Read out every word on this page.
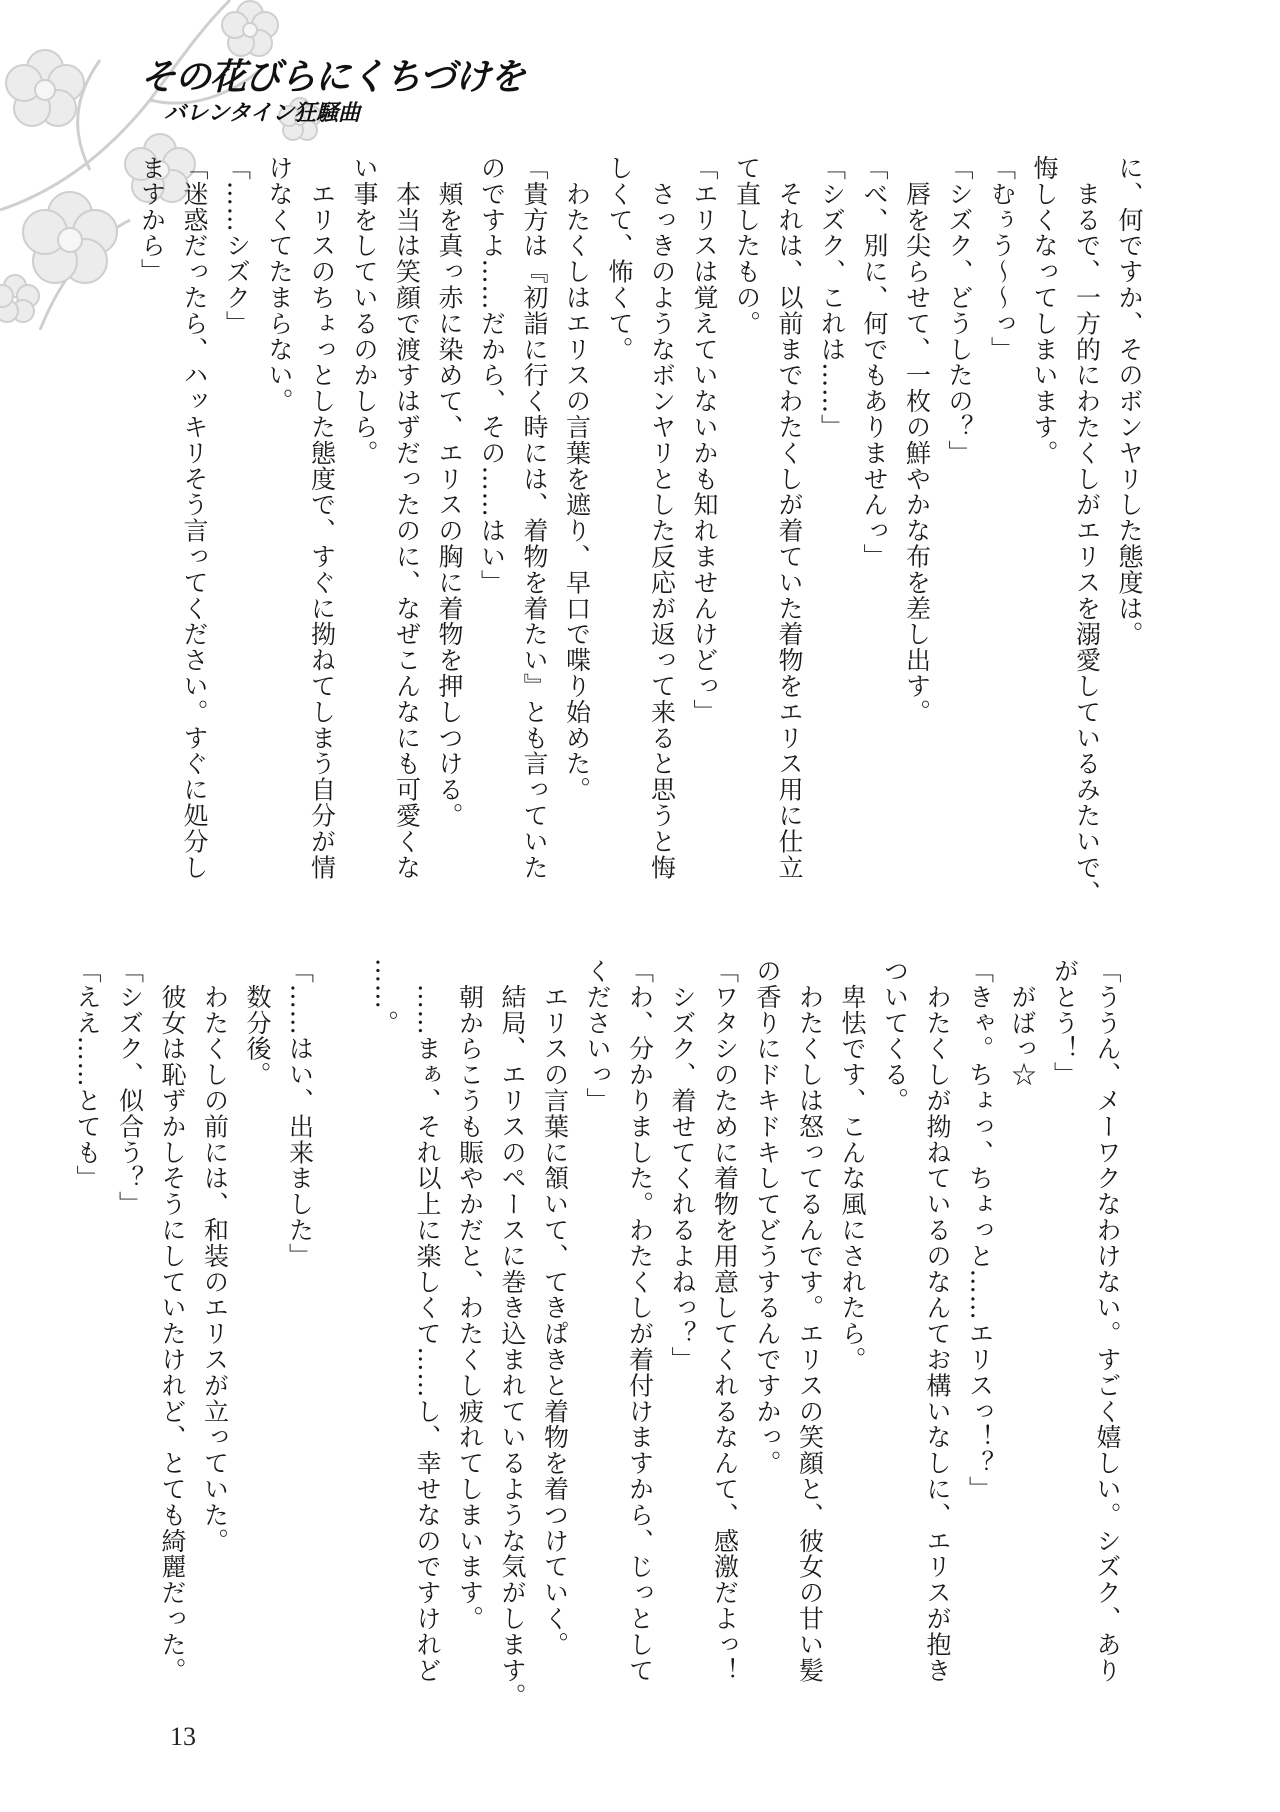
その花びらにくちづけを
バレンタイン狂騒曲
に、何ですか、そのボンヤリした態度は。
　まるで、一方的にわたくしがエリスを溺愛しているみたいで、
悔しくなってしまいます。
「むぅう〜〜っ」
「シズク、どうしたの？」
　唇を尖らせて、一枚の鮮やかな布を差し出す。
「べ、別に、何でもありませんっ」
「シズク、これは……」
　それは、以前までわたくしが着ていた着物をエリス用に仕立
て直したもの。
「エリスは覚えていないかも知れませんけどっ」
　さっきのようなボンヤリとした反応が返って来ると思うと悔
しくて、怖くて。
　わたくしはエリスの言葉を遮り、早口で喋り始めた。
「貴方は『初詣に行く時には、着物を着たい』とも言っていた
のですよ……だから、その……はい」
　頬を真っ赤に染めて、エリスの胸に着物を押しつける。
　本当は笑顔で渡すはずだったのに、なぜこんなにも可愛くな
い事をしているのかしら。
　エリスのちょっとした態度で、すぐに拗ねてしまう自分が情
けなくてたまらない。
「……シズク」
「迷惑だったら、ハッキリそう言ってください。すぐに処分し
ますから」
「ううん、メーワクなわけない。すごく嬉しい。シズク、あり
がとう！」
　がばっ☆
「きゃ。ちょっ、ちょっと……エリスっ！？」
　わたくしが拗ねているのなんてお構いなしに、エリスが抱き
ついてくる。
　卑怯です、こんな風にされたら。
　わたくしは怒ってるんです。エリスの笑顔と、彼女の甘い髪
の香りにドキドキしてどうするんですかっ。
「ワタシのために着物を用意してくれるなんて、感激だよっ！
　シズク、着せてくれるよねっ？」
「わ、分かりました。わたくしが着付けますから、じっとして
くださいっ」
　エリスの言葉に頷いて、てきぱきと着物を着つけていく。
　結局、エリスのペースに巻き込まれているような気がします。
　朝からこうも賑やかだと、わたくし疲れてしまいます。
　……まぁ、それ以上に楽しくて……し、幸せなのですけれど
……。

「……はい、出来ました」
　数分後。
　わたくしの前には、和装のエリスが立っていた。
　彼女は恥ずかしそうにしていたけれど、とても綺麗だった。
「シズク、似合う？」
「ええ……とても」
13
